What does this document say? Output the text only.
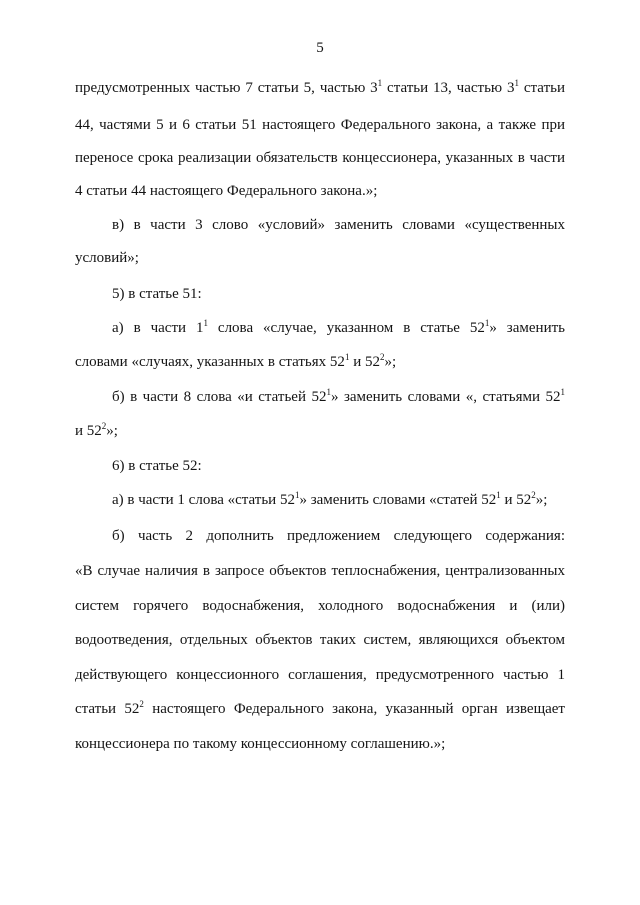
5
предусмотренных частью 7 статьи 5, частью $3^1$ статьи 13, частью $3^1$ статьи
44, частями 5 и 6 статьи 51 настоящего Федерального закона, а также при
переносе срока реализации обязательств концессионера, указанных в части
4 статьи 44 настоящего Федерального закона.»;
в) в части 3 слово «условий» заменить словами «существенных
условий»;
5) в статье 51:
а) в части $1^1$ слова «случае, указанном в статье $52^1$» заменить
словами «случаях, указанных в статьях $52^1$ и $52^2$»;
б) в части 8 слова «и статьей $52^1$» заменить словами «, статьями $52^1$
и $52^2$»;
6) в статье 52:
а) в части 1 слова «статьи $52^1$» заменить словами «статей $52^1$ и $52^2$»;
б) часть 2 дополнить предложением следующего содержания:
«В случае наличия в запросе объектов теплоснабжения, централизованных
систем горячего водоснабжения, холодного водоснабжения и (или)
водоотведения, отдельных объектов таких систем, являющихся объектом
действующего концессионного соглашения, предусмотренного частью 1
статьи $52^2$ настоящего Федерального закона, указанный орган извещает
концессионера по такому концессионному соглашению.»;
